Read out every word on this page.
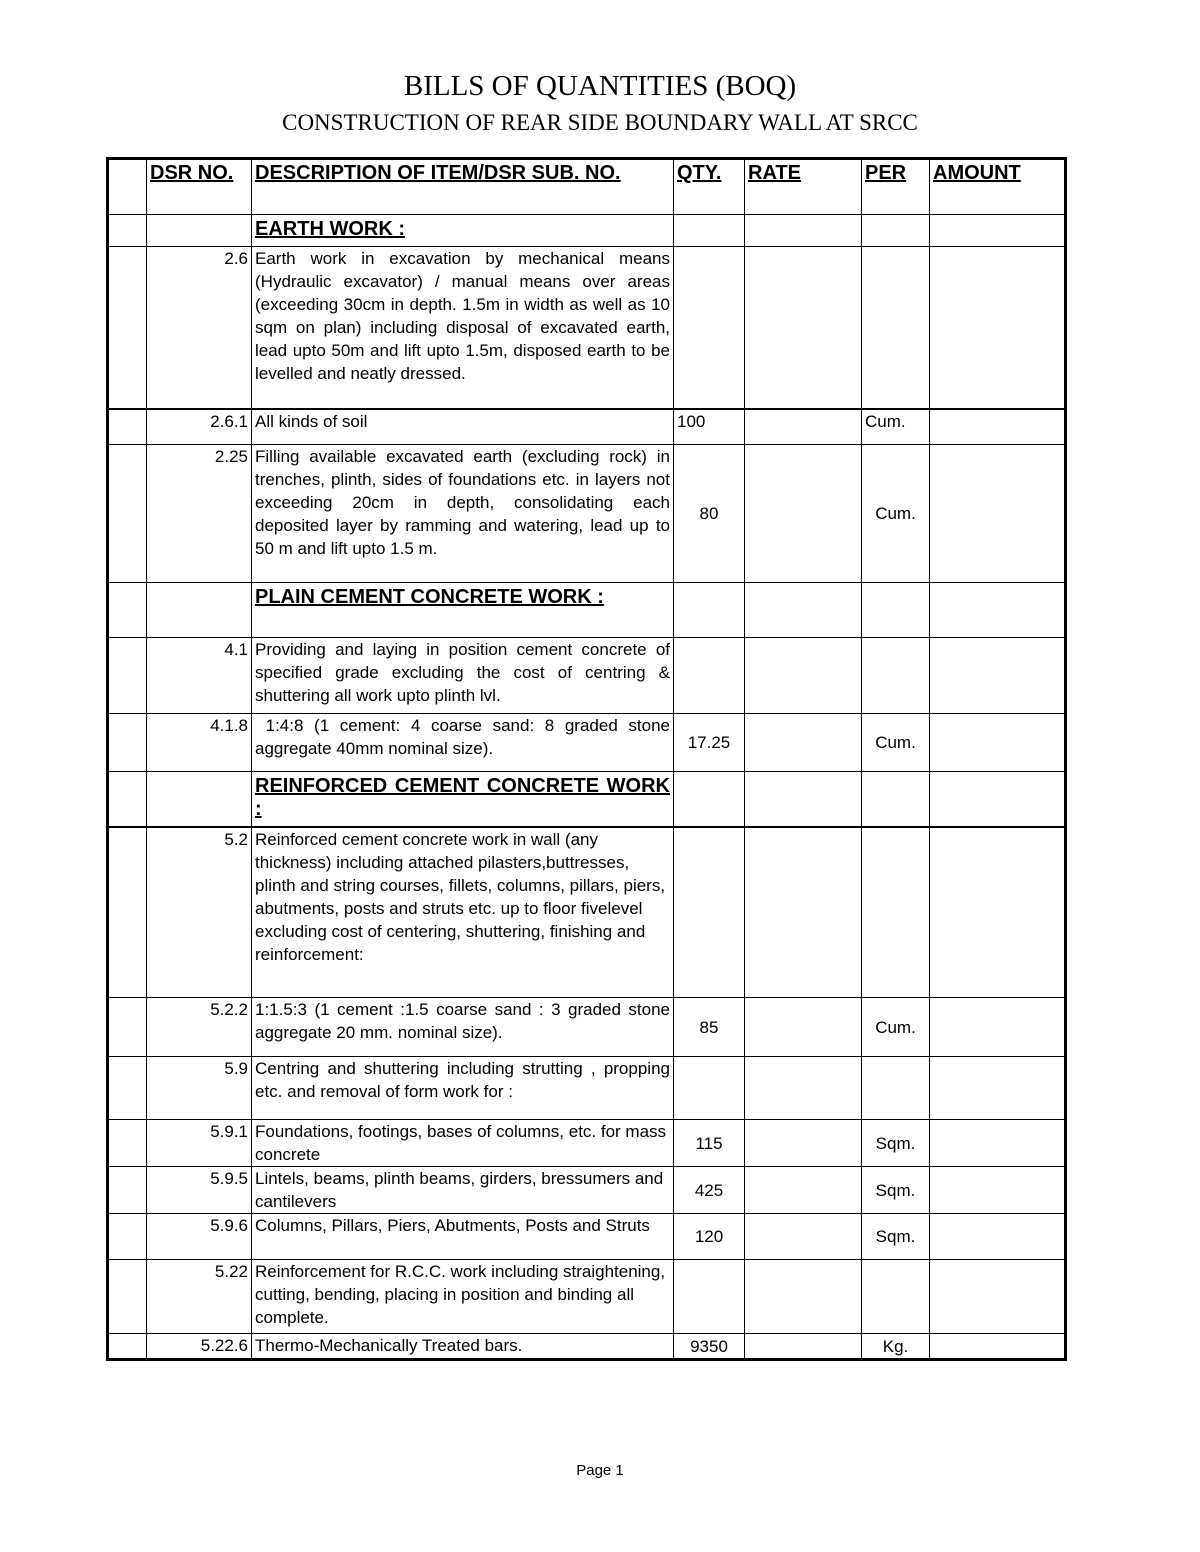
BILLS OF QUANTITIES (BOQ)
CONSTRUCTION OF REAR SIDE BOUNDARY WALL AT SRCC
	DSR NO.	DESCRIPTION OF ITEM/DSR SUB. NO.	QTY.	RATE	PER	AMOUNT
		EARTH WORK :				
	2.6	Earth work in excavation by mechanical means (Hydraulic excavator) / manual means over areas (exceeding 30cm in depth. 1.5m in width as well as 10 sqm on plan) including disposal of excavated earth, lead upto 50m and lift upto 1.5m, disposed earth to be levelled and neatly dressed.				
	2.6.1	All kinds of soil	100		Cum.	
	2.25	Filling available excavated earth (excluding rock) in trenches, plinth, sides of foundations etc. in layers not exceeding 20cm in depth, consolidating each deposited layer by ramming and watering, lead up to 50 m and lift upto 1.5 m.	80		Cum.	
		PLAIN CEMENT CONCRETE WORK :				
	4.1	Providing and laying in position cement concrete of specified grade excluding the cost of centring & shuttering all work upto plinth lvl.				
	4.1.8	1:4:8 (1 cement: 4 coarse sand: 8 graded stone aggregate 40mm nominal size).	17.25		Cum.	
		REINFORCED CEMENT CONCRETE WORK :				
	5.2	Reinforced cement concrete work in wall (any thickness) including attached pilasters,buttresses, plinth and string courses, fillets, columns, pillars, piers, abutments, posts and struts etc. up to floor fivelevel excluding cost of centering, shuttering, finishing and reinforcement:				
	5.2.2	1:1.5:3 (1 cement :1.5 coarse sand : 3 graded stone aggregate 20 mm. nominal size).	85		Cum.	
	5.9	Centring and shuttering including strutting , propping etc. and removal of form work for :				
	5.9.1	Foundations, footings, bases of columns, etc. for mass concrete	115		Sqm.	
	5.9.5	Lintels, beams, plinth beams, girders, bressumers and cantilevers	425		Sqm.	
	5.9.6	Columns, Pillars, Piers, Abutments, Posts and Struts	120		Sqm.	
	5.22	Reinforcement for R.C.C. work including straightening, cutting, bending, placing in position and binding all complete.				
	5.22.6	Thermo-Mechanically Treated bars.	9350		Kg.	
Page 1
